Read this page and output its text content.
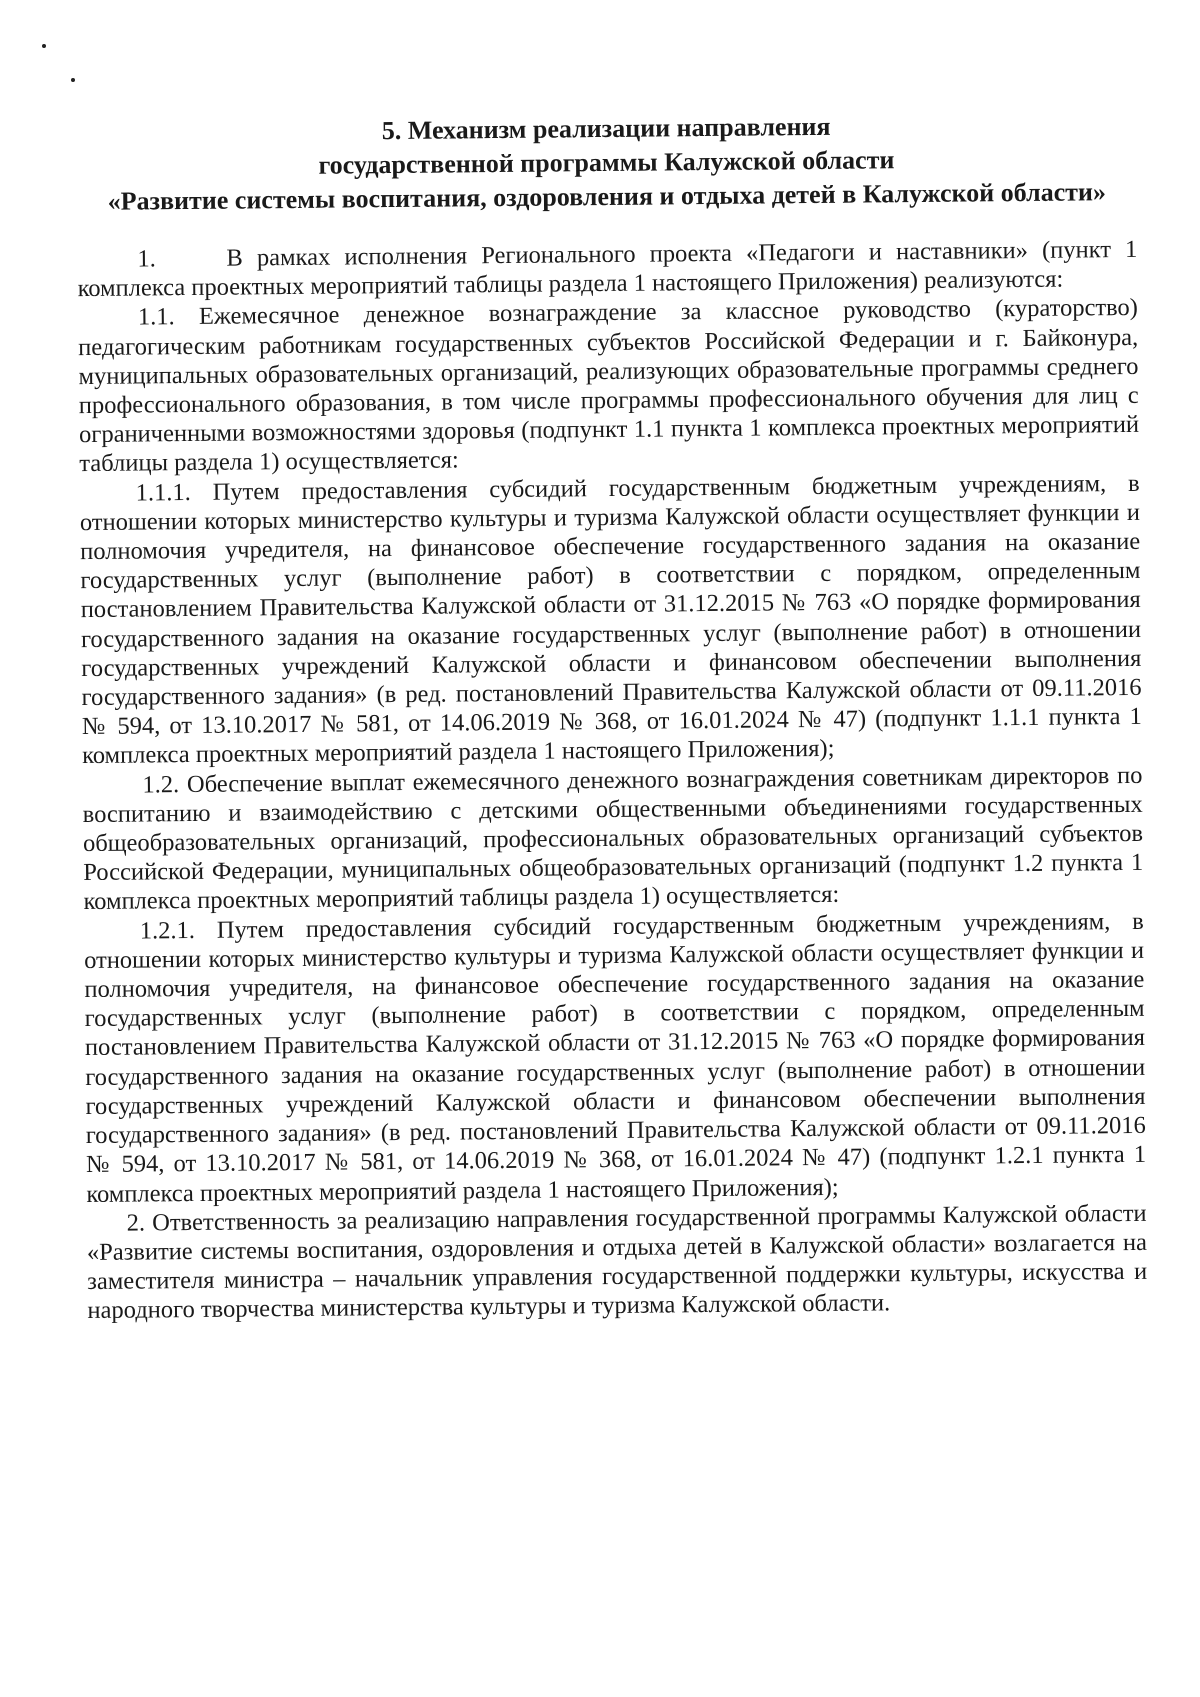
5. Механизм реализации направления
государственной программы Калужской области
«Развитие системы воспитания, оздоровления и отдыха детей в Калужской области»

1.     В рамках исполнения Регионального проекта «Педагоги и наставники» (пункт 1 комплекса проектных мероприятий таблицы раздела 1 настоящего Приложения) реализуются:

1.1. Ежемесячное денежное вознаграждение за классное руководство (кураторство) педагогическим работникам государственных субъектов Российской Федерации и г. Байконура, муниципальных образовательных организаций, реализующих образовательные программы среднего профессионального образования, в том числе программы профессионального обучения для лиц с ограниченными возможностями здоровья (подпункт 1.1 пункта 1 комплекса проектных мероприятий таблицы раздела 1) осуществляется:

1.1.1. Путем предоставления субсидий государственным бюджетным учреждениям, в отношении которых министерство культуры и туризма Калужской области осуществляет функции и полномочия учредителя, на финансовое обеспечение государственного задания на оказание государственных услуг (выполнение работ) в соответствии с порядком, определенным постановлением Правительства Калужской области от 31.12.2015 № 763 «О порядке формирования государственного задания на оказание государственных услуг (выполнение работ) в отношении государственных учреждений Калужской области и финансовом обеспечении выполнения государственного задания» (в ред. постановлений Правительства Калужской области от 09.11.2016 № 594, от 13.10.2017 № 581, от 14.06.2019 № 368, от 16.01.2024 № 47) (подпункт 1.1.1 пункта 1 комплекса проектных мероприятий раздела 1 настоящего Приложения);

1.2. Обеспечение выплат ежемесячного денежного вознаграждения советникам директоров по воспитанию и взаимодействию с детскими общественными объединениями государственных общеобразовательных организаций, профессиональных образовательных организаций субъектов Российской Федерации, муниципальных общеобразовательных организаций (подпункт 1.2 пункта 1 комплекса проектных мероприятий таблицы раздела 1) осуществляется:

1.2.1. Путем предоставления субсидий государственным бюджетным учреждениям, в отношении которых министерство культуры и туризма Калужской области осуществляет функции и полномочия учредителя, на финансовое обеспечение государственного задания на оказание государственных услуг (выполнение работ) в соответствии с порядком, определенным постановлением Правительства Калужской области от 31.12.2015 № 763 «О порядке формирования государственного задания на оказание государственных услуг (выполнение работ) в отношении государственных учреждений Калужской области и финансовом обеспечении выполнения государственного задания» (в ред. постановлений Правительства Калужской области от 09.11.2016 № 594, от 13.10.2017 № 581, от 14.06.2019 № 368, от 16.01.2024 № 47) (подпункт 1.2.1 пункта 1 комплекса проектных мероприятий раздела 1 настоящего Приложения);

2. Ответственность за реализацию направления государственной программы Калужской области «Развитие системы воспитания, оздоровления и отдыха детей в Калужской области» возлагается на заместителя министра – начальник управления государственной поддержки культуры, искусства и народного творчества министерства культуры и туризма Калужской области.
